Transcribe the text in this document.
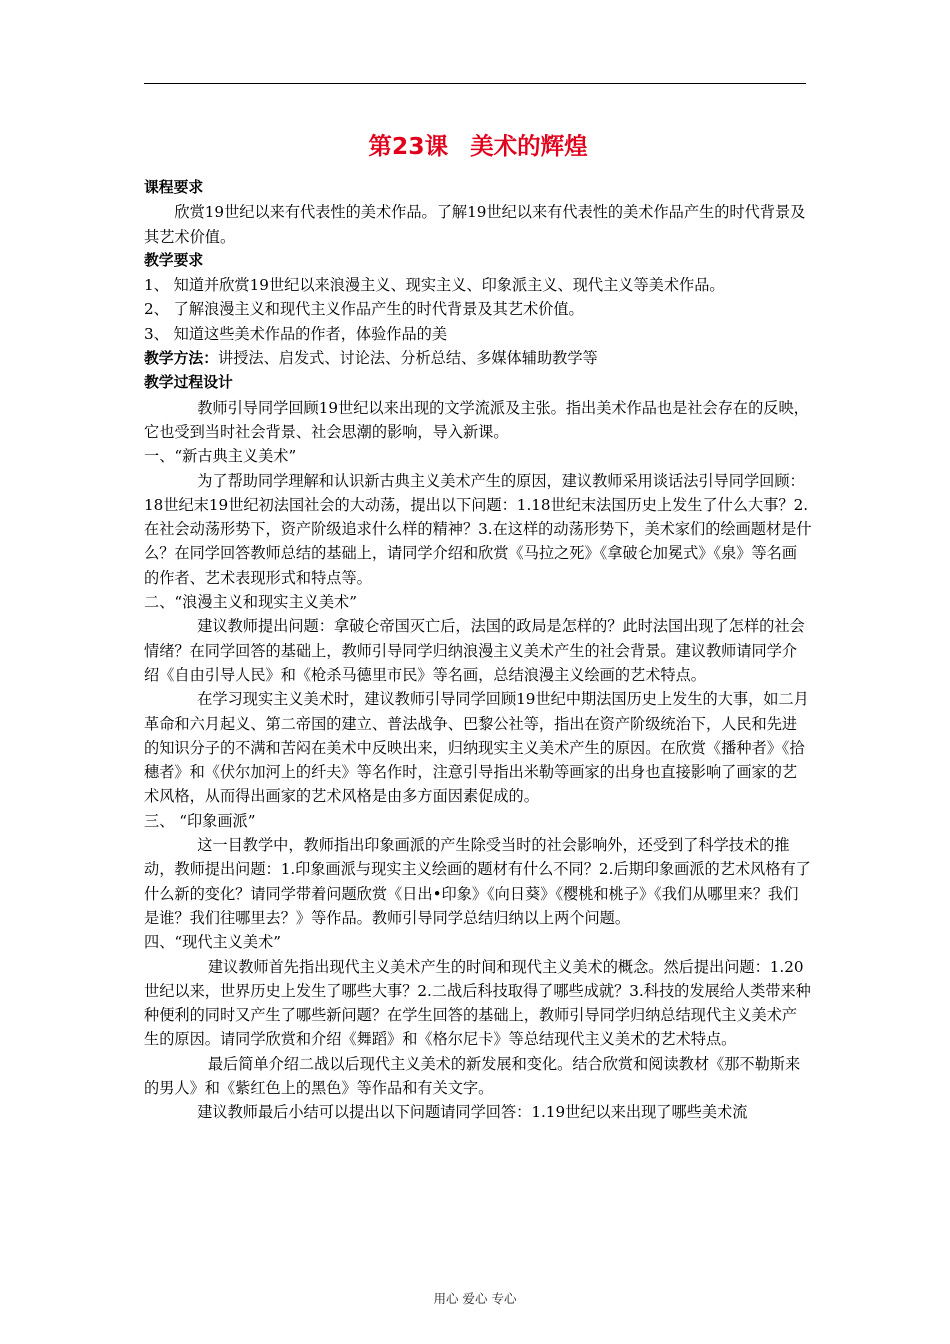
第23课 美术的辉煌
课程要求

欣赏19世纪以来有代表性的美术作品。了解19世纪以来有代表性的美术作品产生的时代背景及其艺术价值。

教学要求

1、 知道并欣赏19世纪以来浪漫主义、现实主义、印象派主义、现代主义等美术作品。

2、 了解浪漫主义和现代主义作品产生的时代背景及其艺术价值。

3、 知道这些美术作品的作者，体验作品的美

教学方法：讲授法、启发式、讨论法、分析总结、多媒体辅助教学等

教学过程设计

教师引导同学回顾19世纪以来出现的文学流派及主张。指出美术作品也是社会存在的反映，它也受到当时社会背景、社会思潮的影响，导入新课。

一、“新古典主义美术”

为了帮助同学理解和认识新古典主义美术产生的原因，建议教师采用谈话法引导同学回顾：18世纪末19世纪初法国社会的大动荡，提出以下问题：1.18世纪末法国历史上发生了什么大事？2.在社会动荡形势下，资产阶级追求什么样的精神？3.在这样的动荡形势下，美术家们的绘画题材是什么？在同学回答教师总结的基础上，请同学介绍和欣赏《马拉之死》《拿破仑加冕式》《泉》等名画的作者、艺术表现形式和特点等。

二、“浪漫主义和现实主义美术”

建议教师提出问题：拿破仑帝国灭亡后，法国的政局是怎样的？此时法国出现了怎样的社会情绪？在同学回答的基础上，教师引导同学归纳浪漫主义美术产生的社会背景。建议教师请同学介绍《自由引导人民》和《枪杀马德里市民》等名画，总结浪漫主义绘画的艺术特点。

在学习现实主义美术时，建议教师引导同学回顾19世纪中期法国历史上发生的大事，如二月革命和六月起义、第二帝国的建立、普法战争、巴黎公社等，指出在资产阶级统治下，人民和先进的知识分子的不满和苦闷在美术中反映出来，归纳现实主义美术产生的原因。在欣赏《播种者》《拾穗者》和《伏尔加河上的纤夫》等名作时，注意引导指出米勒等画家的出身也直接影响了画家的艺术风格，从而得出画家的艺术风格是由多方面因素促成的。

三、 “印象画派”

这一目教学中，教师指出印象画派的产生除受当时的社会影响外，还受到了科学技术的推动，教师提出问题：1.印象画派与现实主义绘画的题材有什么不同？2.后期印象画派的艺术风格有了什么新的变化？请同学带着问题欣赏《日出•印象》《向日葵》《樱桃和桃子》《我们从哪里来？我们是谁？我们往哪里去？》等作品。教师引导同学总结归纳以上两个问题。

四、“现代主义美术”

建议教师首先指出现代主义美术产生的时间和现代主义美术的概念。然后提出问题：1.20世纪以来，世界历史上发生了哪些大事？2.二战后科技取得了哪些成就？3.科技的发展给人类带来种种便利的同时又产生了哪些新问题？在学生回答的基础上，教师引导同学归纳总结现代主义美术产生的原因。请同学欣赏和介绍《舞蹈》和《格尔尼卡》等总结现代主义美术的艺术特点。

最后简单介绍二战以后现代主义美术的新发展和变化。结合欣赏和阅读教材《那不勒斯来的男人》和《紫红色上的黑色》等作品和有关文字。

建议教师最后小结可以提出以下问题请同学回答：1.19世纪以来出现了哪些美术流

用心 爱心 专心
